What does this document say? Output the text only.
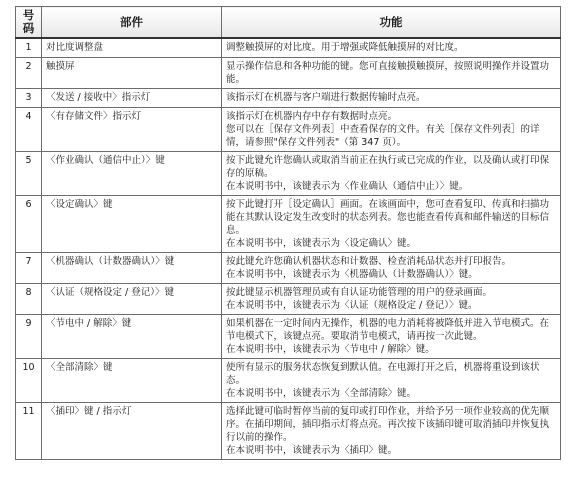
号码	部件	功能
1	对比度调整盘	调整触摸屏的对比度。用于增强或降低触摸屏的对比度。

2	触摸屏	显示操作信息和各种功能的键。您可直接触摸触摸屏，按照说明操作并设置功能。

3	〈发送 / 接收中〉指示灯	该指示灯在机器与客户端进行数据传输时点亮。

4	〈有存储文件〉指示灯	该指示灯在机器内存中存有数据时点亮。
您可以在［保存文件列表］中查看保存的文件。有关［保存文件列表］的详情，请参照"保存文件列表"（第 347 页）。

5	〈作业确认（通信中止）〉键	按下此键允许您确认或取消当前正在执行或已完成的作业，以及确认或打印保存的原稿。
在本说明书中，该键表示为〈作业确认（通信中止）〉键。

6	〈设定确认〉键	按下此键打开［设定确认］画面。在该画面中，您可查看复印、传真和扫描功能在其默认设定发生改变时的状态列表。您也能查看传真和邮件输送的目标信息。
在本说明书中，该键表示为〈设定确认〉键。

7	〈机器确认（计数器确认）〉键	按此键允许您确认机器状态和计数器、检查消耗品状态并打印报告。
在本说明书中，该键表示为〈机器确认（计数器确认）〉键。

8	〈认证（规格设定 / 登记）〉键	按此键显示机器管理员或有自认证功能管理的用户的登录画面。
在本说明书中，该键表示为〈认证（规格设定 / 登记）〉键。

9	〈节电中 / 解除〉键	如果机器在一定时间内无操作，机器的电力消耗将被降低并进入节电模式。在节电模式下，该键点亮。要取消节电模式，请再按一次此键。
在本说明书中，该键表示为〈节电中 / 解除〉键。

10	〈全部清除〉键	使所有显示的服务状态恢复到默认值。在电源打开之后，机器将重设到该状态。
在本说明书中，该键表示为〈全部清除〉键。

11	〈插印〉键 / 指示灯	选择此键可临时暂停当前的复印或打印作业，并给予另一项作业较高的优先顺序。在插印期间，插印指示灯将点亮。再次按下该插印键可取消插印并恢复执行以前的操作。
在本说明书中，该键表示为〈插印〉键。
